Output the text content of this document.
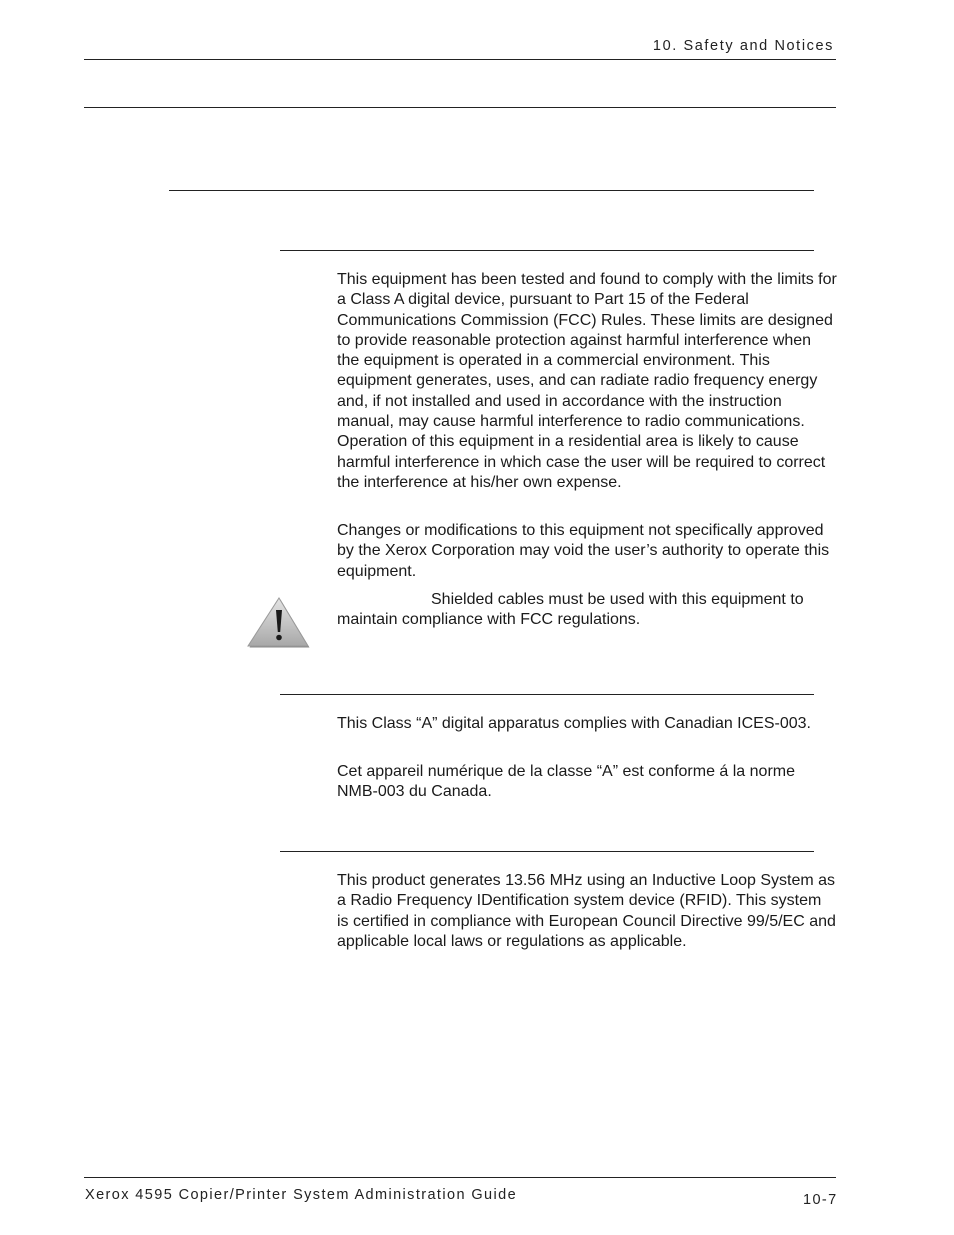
10. Safety and Notices

This equipment has been tested and found to comply with the limits for a Class A digital device, pursuant to Part 15 of the Federal Communications Commission (FCC) Rules. These limits are designed to provide reasonable protection against harmful interference when the equipment is operated in a commercial environment. This equipment generates, uses, and can radiate radio frequency energy and, if not installed and used in accordance with the instruction manual, may cause harmful interference to radio communications. Operation of this equipment in a residential area is likely to cause harmful interference in which case the user will be required to correct the interference at his/her own expense.

Changes or modifications to this equipment not specifically approved by the Xerox Corporation may void the user’s authority to operate this equipment.

Shielded cables must be used with this equipment to

maintain compliance with FCC regulations.

This Class “A” digital apparatus complies with Canadian ICES-003.

Cet appareil numérique de la classe “A” est conforme á la norme NMB-003 du Canada.

This product generates 13.56 MHz using an Inductive Loop System as a Radio Frequency IDentification system device (RFID). This system is certified in compliance with European Council Directive 99/5/EC and applicable local laws or regulations as applicable.

Xerox 4595 Copier/Printer System Administration Guide	10-7
